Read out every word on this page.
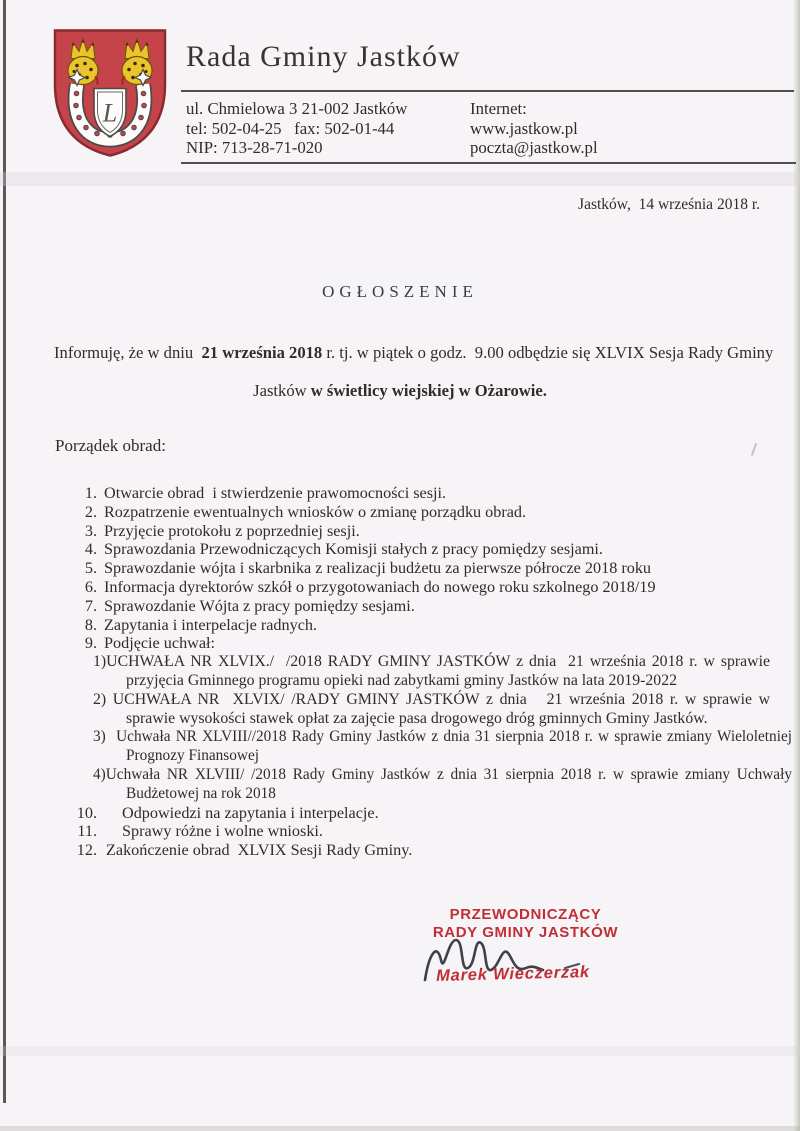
L
Rada Gminy Jastków
ul. Chmielowa 3 21-002 Jastków
tel: 502-04-25   fax: 502-01-44
NIP: 713-28-71-020
Internet:
www.jastkow.pl
poczta@jastkow.pl
Jastków,  14 września 2018 r.
OGŁOSZENIE
Informuję, że w dniu  21 września 2018 r. tj. w piątek o godz.  9.00 odbędzie się XLVIX Sesja Rady Gminy
Jastków w świetlicy wiejskiej w Ożarowie.
Porządek obrad:
1. Otwarcie obrad  i stwierdzenie prawomocności sesji.
2. Rozpatrzenie ewentualnych wniosków o zmianę porządku obrad.
3. Przyjęcie protokołu z poprzedniej sesji.
4. Sprawozdania Przewodniczących Komisji stałych z pracy pomiędzy sesjami.
5. Sprawozdanie wójta i skarbnika z realizacji budżetu za pierwsze półrocze 2018 roku
6. Informacja dyrektorów szkół o przygotowaniach do nowego roku szkolnego 2018/19
7. Sprawozdanie Wójta z pracy pomiędzy sesjami.
8. Zapytania i interpelacje radnych.
9. Podjęcie uchwał:
1)UCHWAŁA NR XLVIX./  /2018 RADY GMINY JASTKÓW z dnia  21 września 2018 r. w sprawie przyjęcia Gminnego programu opieki nad zabytkami gminy Jastków na lata 2019-2022
2) UCHWAŁA NR  XLVIX/ /RADY GMINY JASTKÓW z dnia   21 września 2018 r. w sprawie w sprawie wysokości stawek opłat za zajęcie pasa drogowego dróg gminnych Gminy Jastków.
3)  Uchwała NR XLVIII//2018 Rady Gminy Jastków z dnia 31 sierpnia 2018 r. w sprawie zmiany Wieloletniej Prognozy Finansowej
4)Uchwała NR XLVIII/ /2018 Rady Gminy Jastków z dnia 31 sierpnia 2018 r. w sprawie zmiany Uchwały Budżetowej na rok 2018
10.	Odpowiedzi na zapytania i interpelacje.
11.	Sprawy różne i wolne wnioski.
12. Zakończenie obrad  XLVIX Sesji Rady Gminy.
PRZEWODNICZĄCY
RADY GMINY JASTKÓW
Marek Wieczerzak
